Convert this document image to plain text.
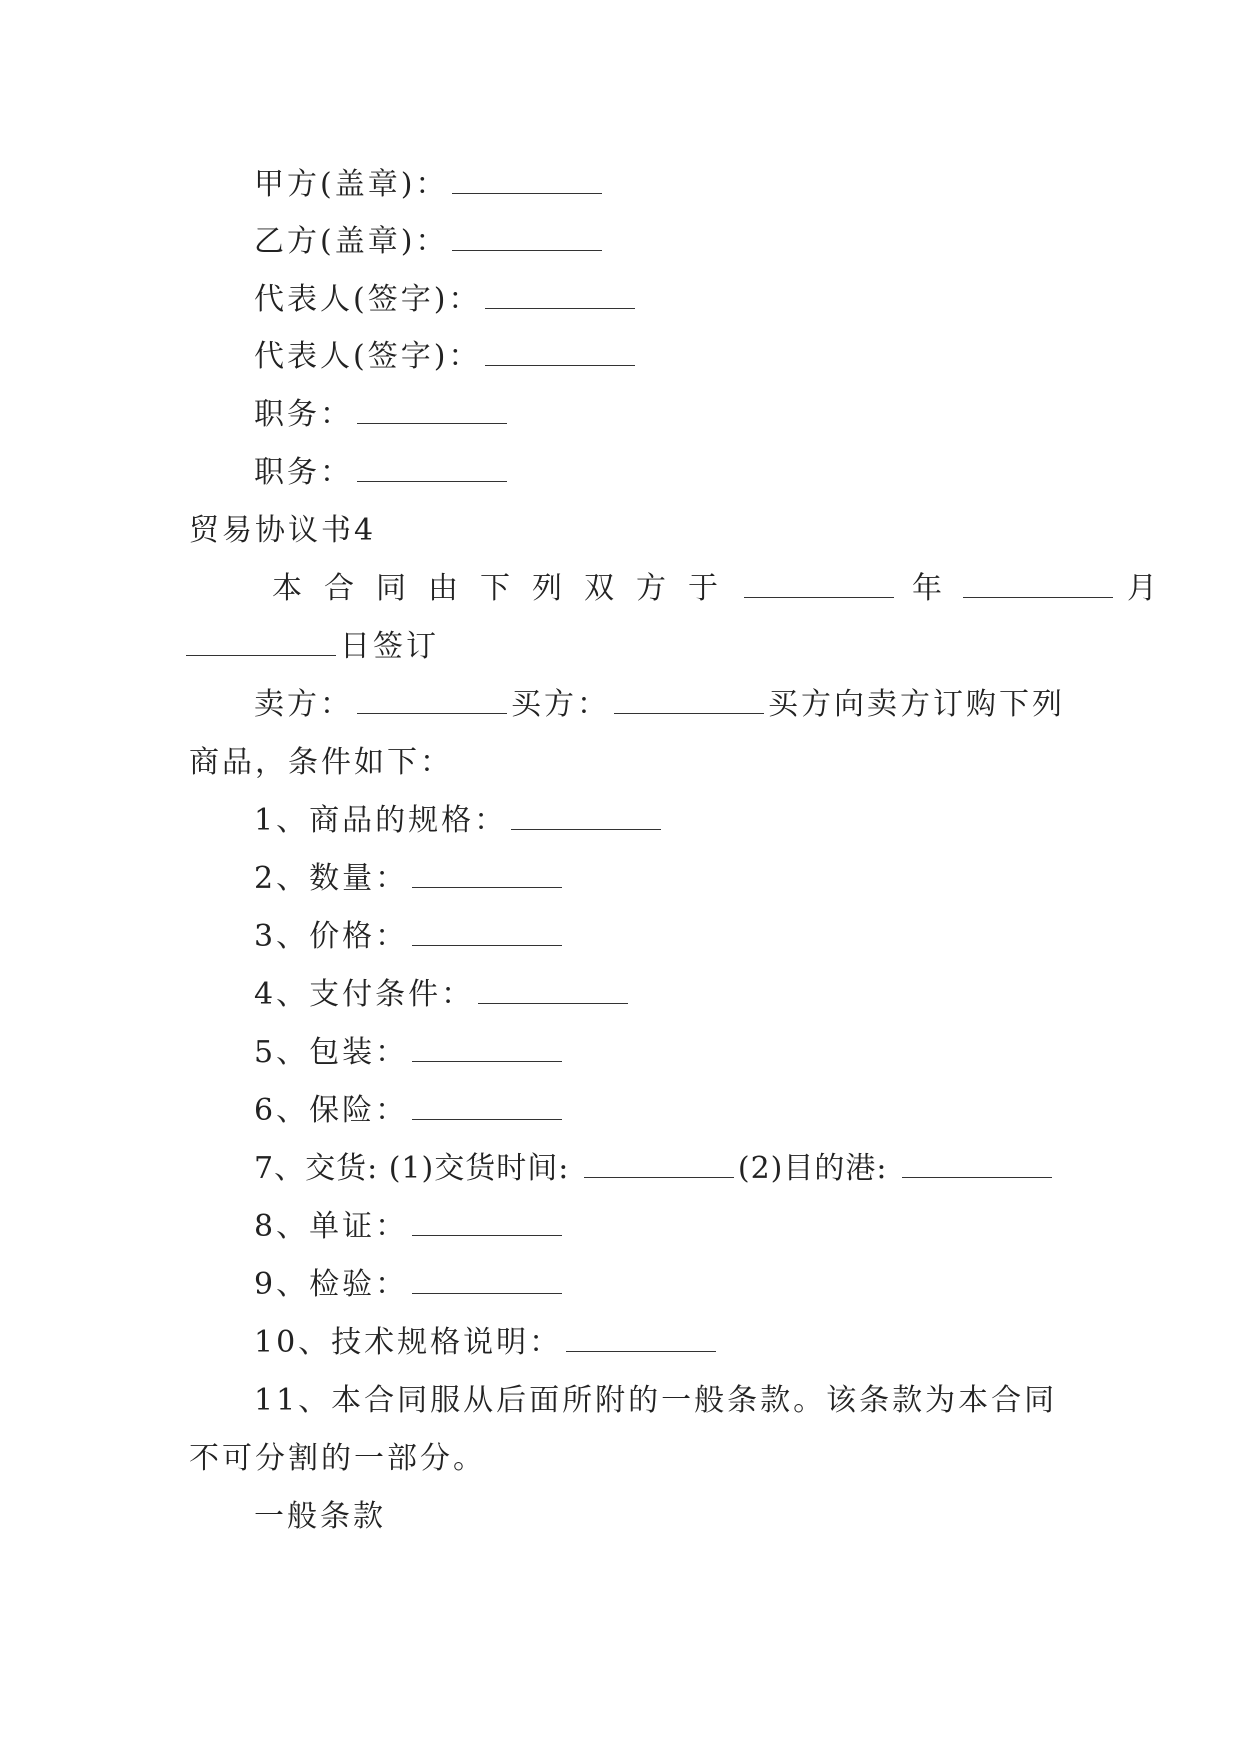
甲方(盖章)：
乙方(盖章)：
代表人(签字)：
代表人(签字)：
职务：
职务：
贸易协议书4
本合同由下列双方于	年	月
日签订
卖方：	买方：	买方向卖方订购下列
商品，条件如下：
1、商品的规格：
2、数量：
3、价格：
4、支付条件：
5、包装：
6、保险：
7、交货: (1)交货时间:	(2)目的港:
8、单证：
9、检验：
10、技术规格说明：
11、本合同服从后面所附的一般条款。该条款为本合同
不可分割的一部分。
一般条款
